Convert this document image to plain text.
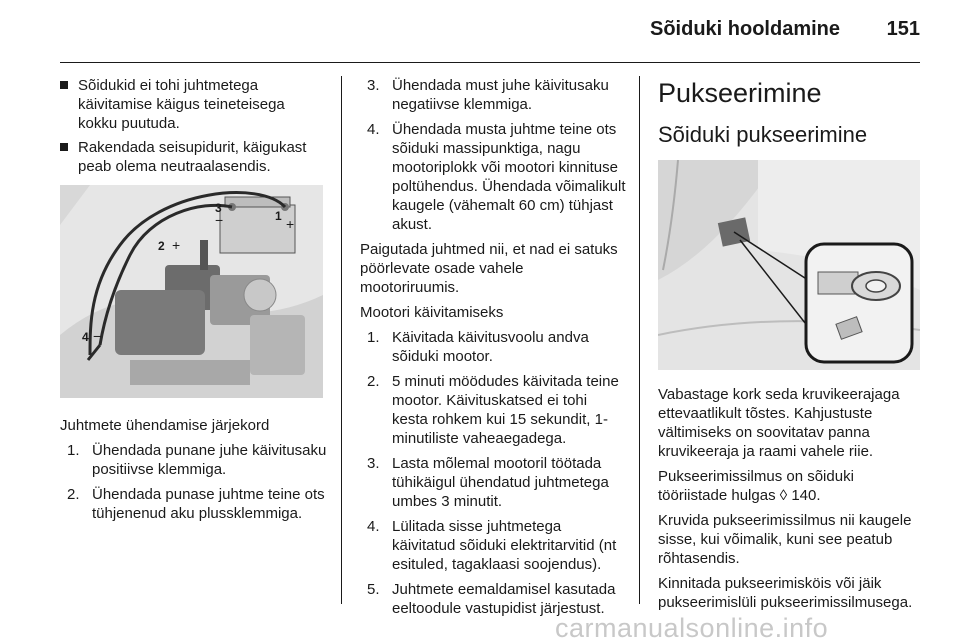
Sõiduki hooldamine 151
Sõidukid ei tohi juhtmetega käivitamise käigus teineteisega kokku puutuda.
Rakendada seisupidurit, käigukast peab olema neutraalasendis.
1 +
2 +
3
−
4 −
Juhtmete ühendamise järjekord
1. Ühendada punane juhe käivitusaku positiivse klemmiga.
2. Ühendada punase juhtme teine ots tühjenenud aku plussklemmiga.
3. Ühendada must juhe käivitusaku negatiivse klemmiga.
4. Ühendada musta juhtme teine ots sõiduki massipunktiga, nagu mootoriplokk või mootori kinnituse poltühendus. Ühendada võimalikult kaugele (vähemalt 60 cm) tühjast akust.
Paigutada juhtmed nii, et nad ei satuks pöörlevate osade vahele mootoriruumis.
Mootori käivitamiseks
1. Käivitada käivitusvoolu andva sõiduki mootor.
2. 5 minuti möödudes käivitada teine mootor. Käivituskatsed ei tohi kesta rohkem kui 15 sekundit, 1-minutiliste vaheaegadega.
3. Lasta mõlemal mootoril töötada tühikäigul ühendatud juhtmetega umbes 3 minutit.
4. Lülitada sisse juhtmetega käivitatud sõiduki elektritarvitid (nt esituled, tagaklaasi soojendus).
5. Juhtmete eemaldamisel kasutada eeltoodule vastupidist järjestust.
Pukseerimine
Sõiduki pukseerimine
Vabastage kork seda kruvikeerajaga ettevaatlikult tõstes. Kahjustuste vältimiseks on soovitatav panna kruvikeeraja ja raami vahele riie.
Pukseerimissilmus on sõiduki tööriistade hulgas ◊ 140.
Kruvida pukseerimissilmus nii kaugele sisse, kui võimalik, kuni see peatub rõhtasendis.
Kinnitada pukseerimisköis või jäik pukseerimislüli pukseerimissilmusega.
carmanualsonline.info
